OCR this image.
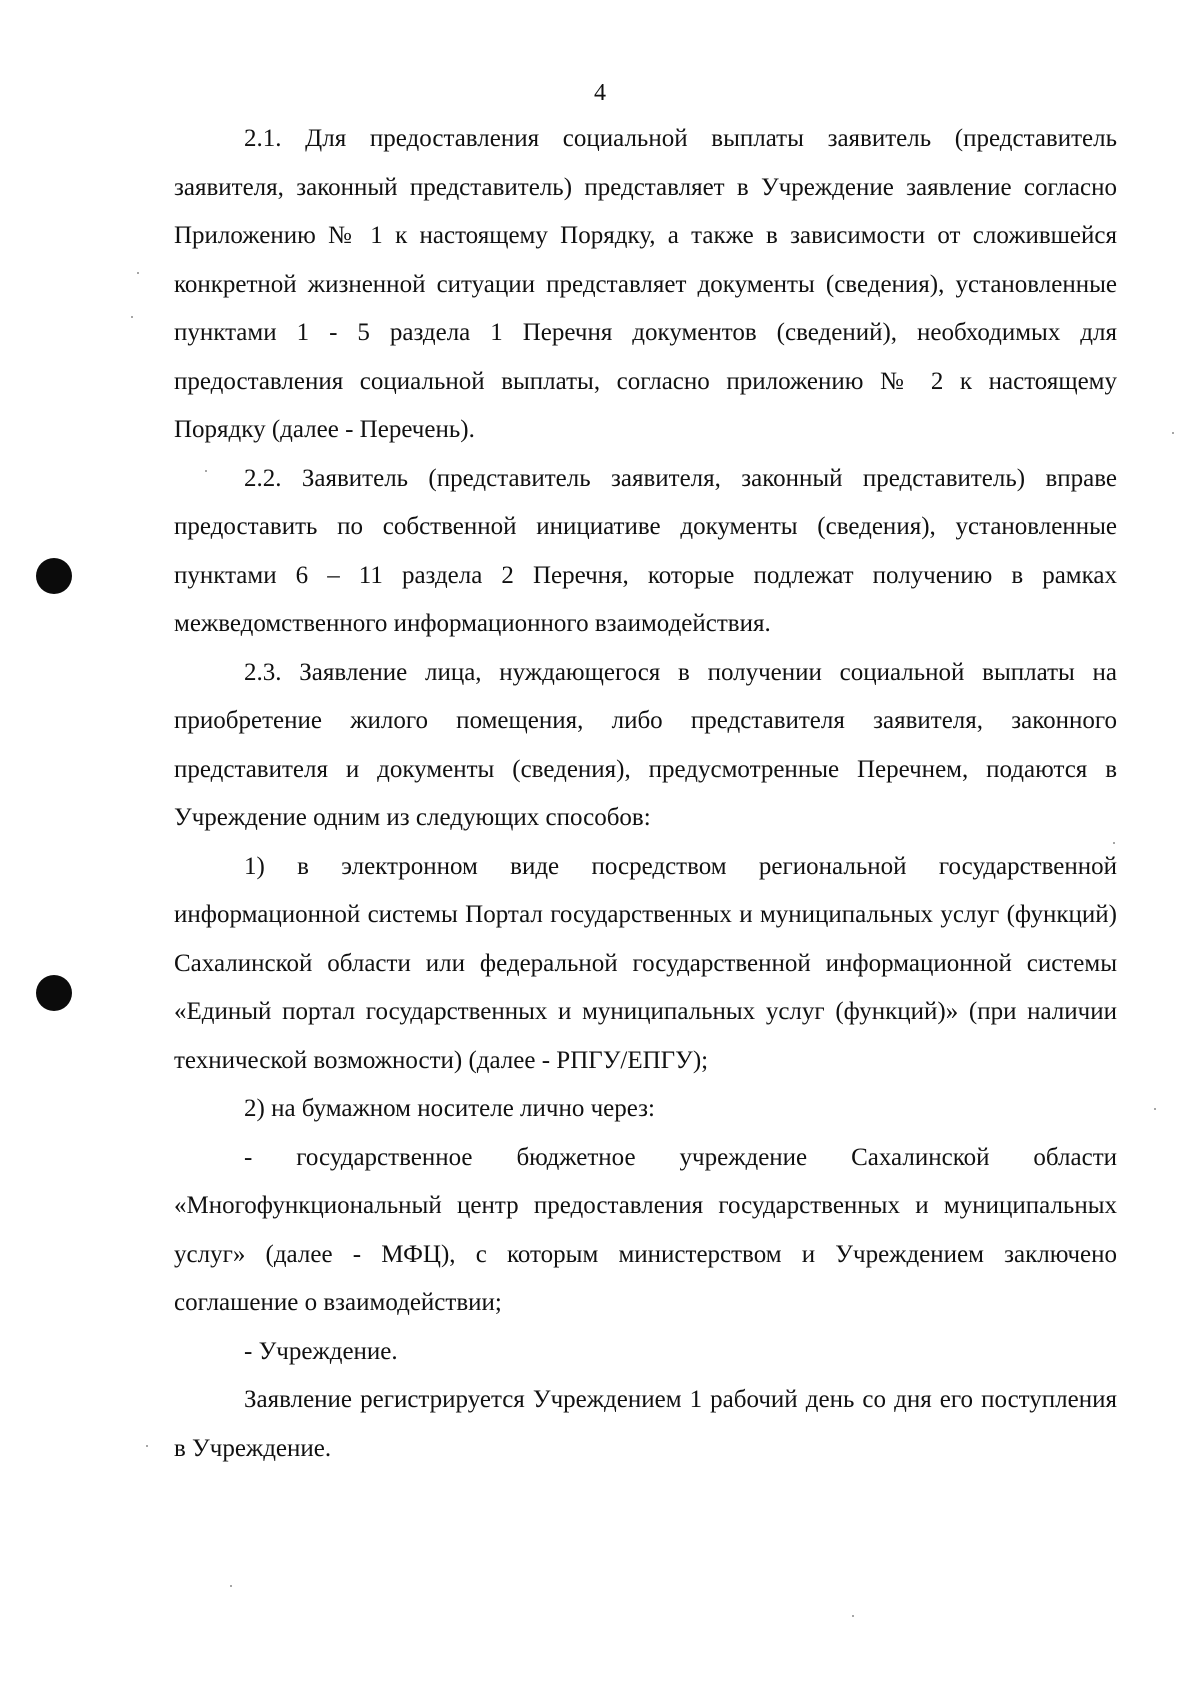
4

2.1. Для предоставления социальной выплаты заявитель (представитель заявителя, законный представитель) представляет в Учреждение заявление согласно Приложению № 1 к настоящему Порядку, а также в зависимости от сложившейся конкретной жизненной ситуации представляет документы (сведения), установленные пунктами 1 - 5 раздела 1 Перечня документов (сведений), необходимых для предоставления социальной выплаты, согласно приложению № 2 к настоящему Порядку (далее - Перечень).

2.2. Заявитель (представитель заявителя, законный представитель) вправе предоставить по собственной инициативе документы (сведения), установленные пунктами 6 – 11 раздела 2 Перечня, которые подлежат получению в рамках межведомственного информационного взаимодействия.

2.3. Заявление лица, нуждающегося в получении социальной выплаты на приобретение жилого помещения, либо представителя заявителя, законного представителя и документы (сведения), предусмотренные Перечнем, подаются в Учреждение одним из следующих способов:

1) в электронном виде посредством региональной государственной информационной системы Портал государственных и муниципальных услуг (функций) Сахалинской области или федеральной государственной информационной системы «Единый портал государственных и муниципальных услуг (функций)» (при наличии технической возможности) (далее - РПГУ/ЕПГУ);

2) на бумажном носителе лично через:

- государственное бюджетное учреждение Сахалинской области «Многофункциональный центр предоставления государственных и муниципальных услуг» (далее - МФЦ), с которым министерством и Учреждением заключено соглашение о взаимодействии;

- Учреждение.

Заявление регистрируется Учреждением 1 рабочий день со дня его поступления в Учреждение.
